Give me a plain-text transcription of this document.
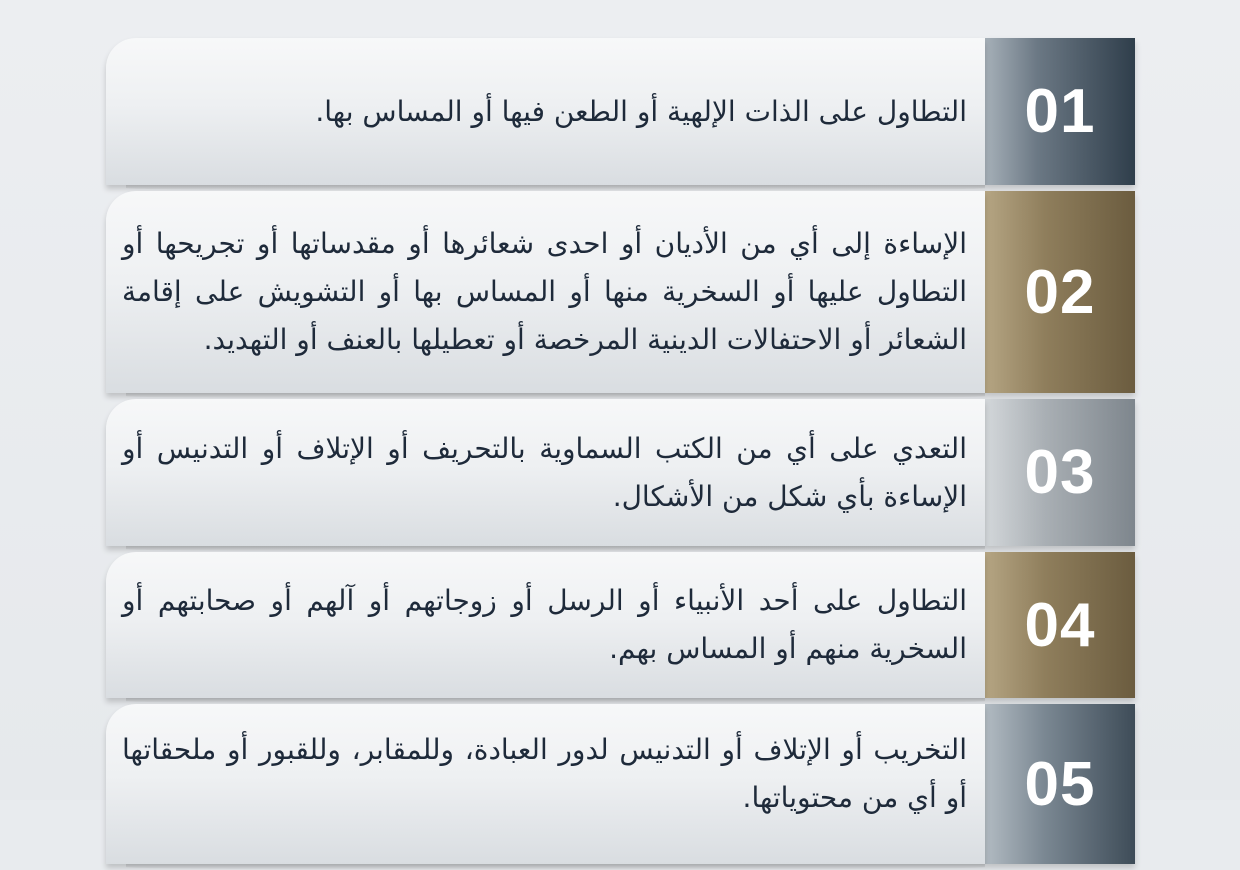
التطاول على الذات الإلهية أو الطعن فيها أو المساس بها. 01

الإساءة إلى أي من الأديان أو احدى شعائرها أو مقدساتها أو تجريحها أو التطاول عليها أو السخرية منها أو المساس بها أو التشويش على إقامة الشعائر أو الاحتفالات الدينية المرخصة أو تعطيلها بالعنف أو التهديد.

02

التعدي على أي من الكتب السماوية بالتحريف أو الإتلاف أو التدنيس أو الإساءة بأي شكل من الأشكال. 03

التطاول على أحد الأنبياء أو الرسل أو زوجاتهم أو آلهم أو صحابتهم أو السخرية منهم أو المساس بهم. 04

التخريب أو الإتلاف أو التدنيس لدور العبادة، وللمقابر، وللقبور أو ملحقاتها أو أي من محتوياتها. 05
